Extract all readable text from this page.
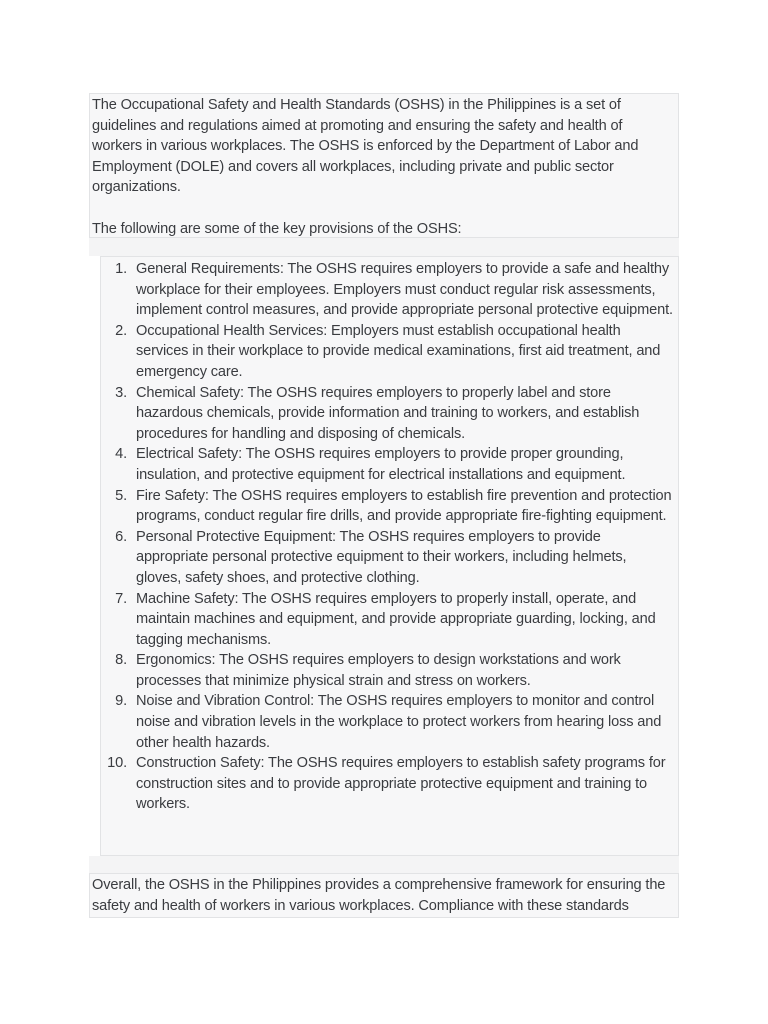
The Occupational Safety and Health Standards (OSHS) in the Philippines is a set of guidelines and regulations aimed at promoting and ensuring the safety and health of workers in various workplaces. The OSHS is enforced by the Department of Labor and Employment (DOLE) and covers all workplaces, including private and public sector organizations.

The following are some of the key provisions of the OSHS:

1. General Requirements: The OSHS requires employers to provide a safe and healthy workplace for their employees. Employers must conduct regular risk assessments, implement control measures, and provide appropriate personal protective equipment.
2. Occupational Health Services: Employers must establish occupational health services in their workplace to provide medical examinations, first aid treatment, and emergency care.
3. Chemical Safety: The OSHS requires employers to properly label and store hazardous chemicals, provide information and training to workers, and establish procedures for handling and disposing of chemicals.
4. Electrical Safety: The OSHS requires employers to provide proper grounding, insulation, and protective equipment for electrical installations and equipment.
5. Fire Safety: The OSHS requires employers to establish fire prevention and protection programs, conduct regular fire drills, and provide appropriate fire-fighting equipment.
6. Personal Protective Equipment: The OSHS requires employers to provide appropriate personal protective equipment to their workers, including helmets, gloves, safety shoes, and protective clothing.
7. Machine Safety: The OSHS requires employers to properly install, operate, and maintain machines and equipment, and provide appropriate guarding, locking, and tagging mechanisms.
8. Ergonomics: The OSHS requires employers to design workstations and work processes that minimize physical strain and stress on workers.
9. Noise and Vibration Control: The OSHS requires employers to monitor and control noise and vibration levels in the workplace to protect workers from hearing loss and other health hazards.
10. Construction Safety: The OSHS requires employers to establish safety programs for construction sites and to provide appropriate protective equipment and training to workers.

Overall, the OSHS in the Philippines provides a comprehensive framework for ensuring the safety and health of workers in various workplaces. Compliance with these standards
